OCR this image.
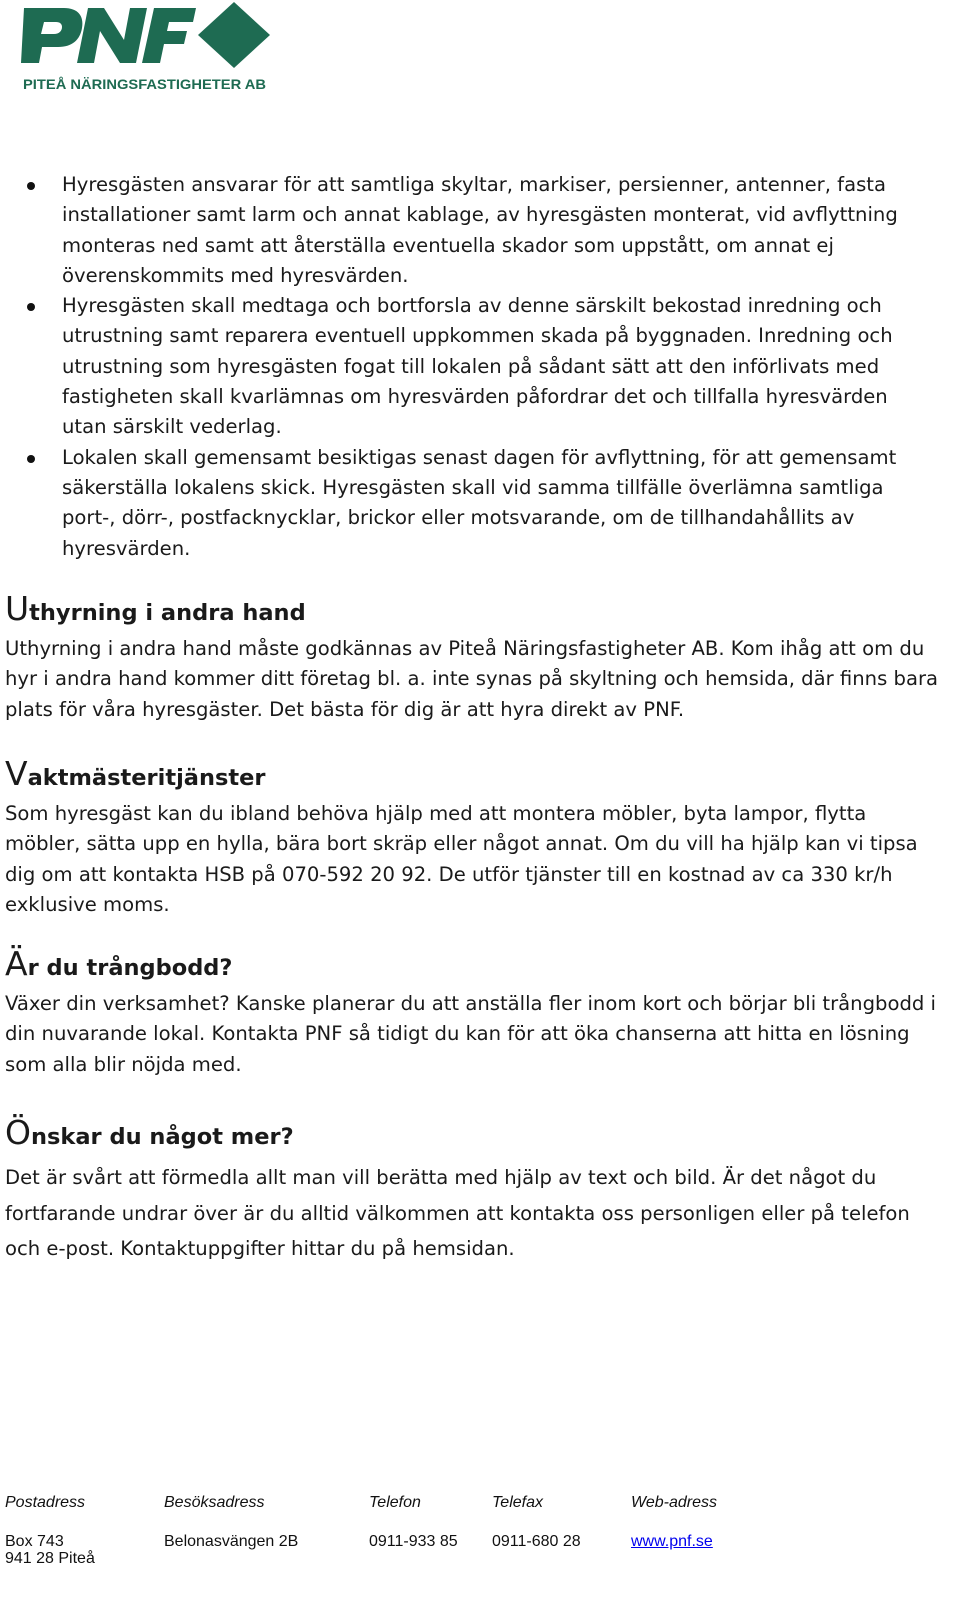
PITEÅ NÄRINGSFASTIGHETER AB
Hyresgästen ansvarar för att samtliga skyltar, markiser, persienner, antenner, fasta installationer samt larm och annat kablage, av hyresgästen monterat, vid avflyttning monteras ned samt att återställa eventuella skador som uppstått, om annat ej överenskommits med hyresvärden.
Hyresgästen skall medtaga och bortforsla av denne särskilt bekostad inredning och utrustning samt reparera eventuell uppkommen skada på byggnaden. Inredning och utrustning som hyresgästen fogat till lokalen på sådant sätt att den införlivats med fastigheten skall kvarlämnas om hyresvärden påfordrar det och tillfalla hyresvärden utan särskilt vederlag.
Lokalen skall gemensamt besiktigas senast dagen för avflyttning, för att gemensamt säkerställa lokalens skick. Hyresgästen skall vid samma tillfälle överlämna samtliga port-, dörr-, postfacknycklar, brickor eller motsvarande, om de tillhandahållits av hyresvärden.
Uthyrning i andra hand

Uthyrning i andra hand måste godkännas av Piteå Näringsfastigheter AB. Kom ihåg att om du hyr i andra hand kommer ditt företag bl. a. inte synas på skyltning och hemsida, där finns bara plats för våra hyresgäster. Det bästa för dig är att hyra direkt av PNF.

Vaktmästeritjänster

Som hyresgäst kan du ibland behöva hjälp med att montera möbler, byta lampor, flytta möbler, sätta upp en hylla, bära bort skräp eller något annat. Om du vill ha hjälp kan vi tipsa dig om att kontakta HSB på 070-592 20 92. De utför tjänster till en kostnad av ca 330 kr/h exklusive moms.

Är du trångbodd?

Växer din verksamhet? Kanske planerar du att anställa fler inom kort och börjar bli trångbodd i din nuvarande lokal. Kontakta PNF så tidigt du kan för att öka chanserna att hitta en lösning som alla blir nöjda med.

Önskar du något mer?

Det är svårt att förmedla allt man vill berätta med hjälp av text och bild. Är det något du fortfarande undrar över är du alltid välkommen att kontakta oss personligen eller på telefon och e-post. Kontaktuppgifter hittar du på hemsidan.

Postadress
Box 743
941 28 Piteå
Besöksadress
Belonasvängen 2B
Telefon
0911-933 85
Telefax
0911-680 28
Web-adress
www.pnf.se
